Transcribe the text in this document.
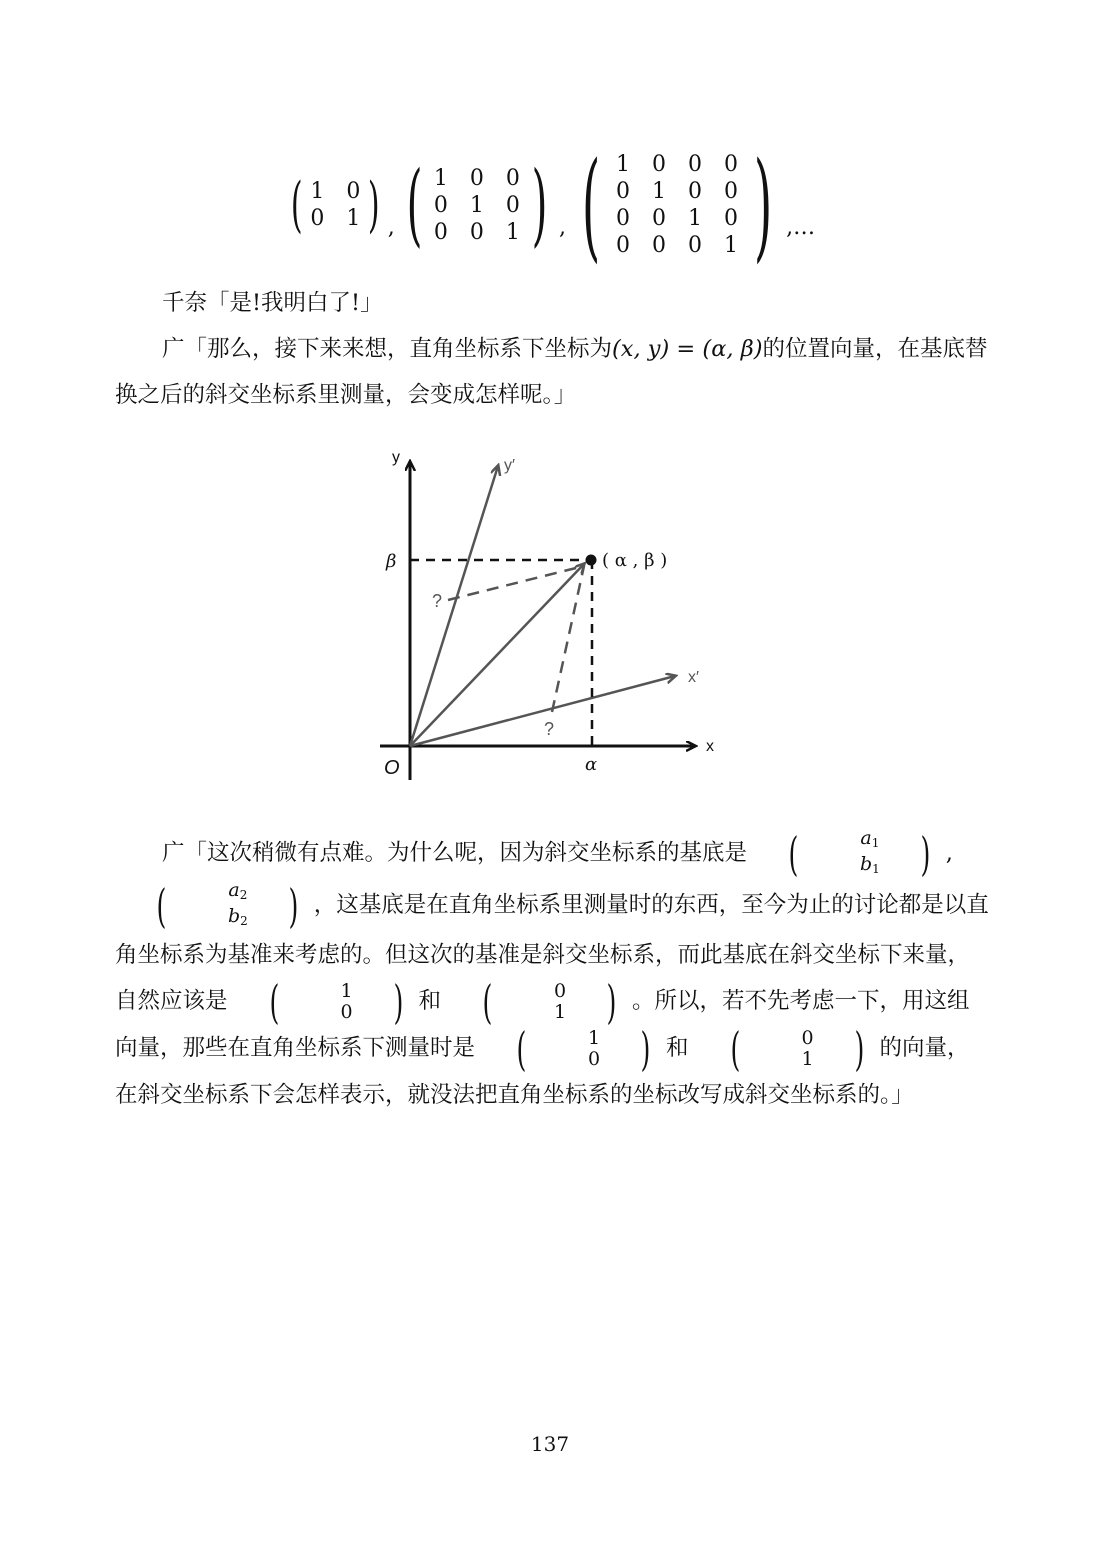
( 1 0
0 1 ) , ( 1 0 0
0 1 0
0 0 1 ) , ( 1 0 0 0
0 1 0 0
0 0 1 0
0 0 0 1 ) ,…

千奈「是!我明白了!」

广「那么，接下来来想，直角坐标系下坐标为(x, y) = (α, β)的位置向量，在基底替换之后的斜交坐标系里测量，会变成怎样呢。」

y
x
y′
x′
O	α
β	( α , β )
?
?

广「这次稍微有点难。为什么呢，因为斜交坐标系的基底是 (	$a_1$
$b_1$ ) ,
(	$a_2$
$b_2$ ) ，这基底是在直角坐标系里测量时的东西，至今为止的讨论都是以直角坐标系为基准来考虑的。但这次的基准是斜交坐标系，而此基底在斜交坐标下来量，自然应该是 (	1
0 ) 和 (	0
1 ) 。所以，若不先考虑一下，用这组向量，那些在直角坐标系下测量时是 (	1
0 ) 和 (	0
1 ) 的向量，在斜交坐标系下会怎样表示，就没法把直角坐标系的坐标改写成斜交坐标系的。」

137
